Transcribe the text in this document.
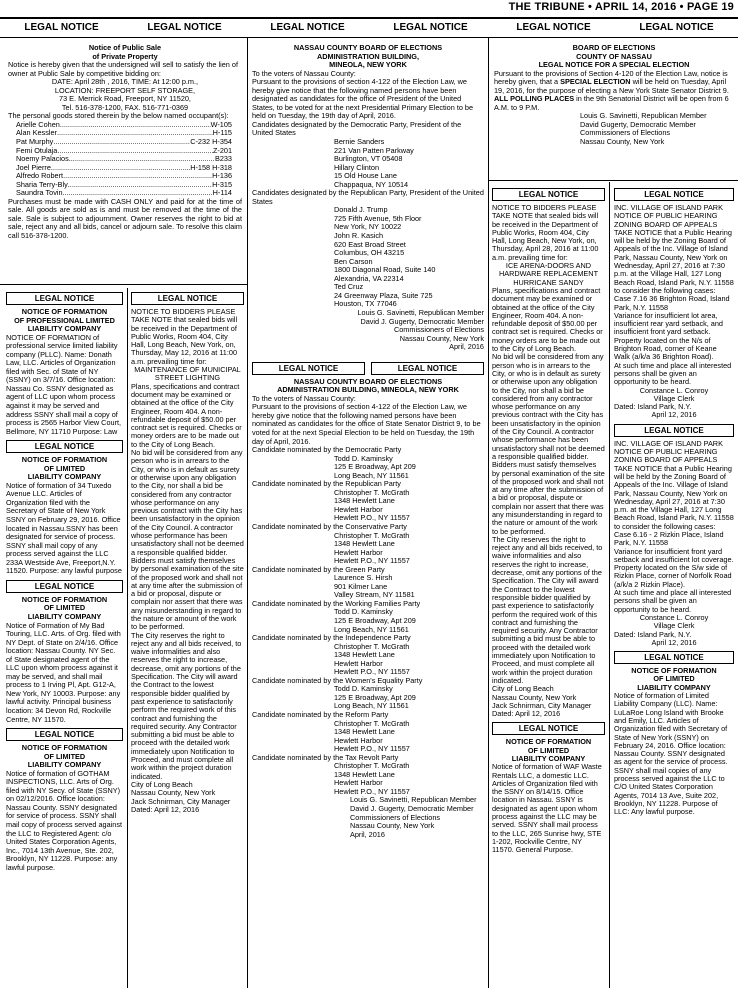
THE TRIBUNE • APRIL 14, 2016 • PAGE 19
LEGAL NOTICE	LEGAL NOTICE	LEGAL NOTICE	LEGAL NOTICE	LEGAL NOTICE	LEGAL NOTICE

Notice of Public Sale

of Private Property

Notice is hereby given that the undersigned will sell to satisfy the lien of owner at Public Sale by competitive bidding on:

DATE: April 28th , 2016, TIME: At 12:00 p.m.,

LOCATION: FREEPORT SELF STORAGE,

73 E. Merrick Road, Freeport, NY 11520,

Tel. 516-378-1200, FAX. 516-771-0369

The personal goods stored therein by the below named occupant(s):

Arielle Cohen .....	W-105
Alan Kessler .....	H-115
Pat Murphy .....	C-232 H-354
Femi Otulaja .....	Z-201
Noemy Palacios .....	B233
Joel Pierre .....	H-158 H-318
Alfredo Robert .....	H-136
Sharia Terry-Bly .....	H-315
Saundra Tovin .....	H-114

Purchases must be made with CASH ONLY and paid for at the time of sale. All goods are sold as is and must be removed at the time of the sale. Sale is subject to adjournment. Owner reserves the right to bid at sale, reject any and all bids, cancel or adjourn sale. To resolve this claim call 516-378-1200.

LEGAL NOTICE

NOTICE OF FORMATION

OF PROFESSIONAL LIMITED

LIABILITY COMPANY

NOTICE OF FORMATION of professional service limited liability company (PLLC). Name: Donath Law, LLC. Articles of Organization filed with Sec. of State of NY (SSNY) on 3/7/16. Office location: Nassau Co. SSNY designated as agent of LLC upon whom process against it may be served and address SSNY shall mail a copy of process is 2565 Harbor View Court, Bellmore, NY 11710 Purpose: Law

LEGAL NOTICE

NOTICE OF FORMATION

OF LIMITED

LIABILITY COMPANY

Notice of formation of 34 Tuxedo Avenue LLC. Articles of Organization filed with the Secretary of State of New York SSNY on February 29, 2016. Office located in Nassau.SSNY has been designated for service of process. SSNY shall mail copy of any process served against the LLC 233A Westside Ave, Freeport,N.Y. 11520. Purpose: any lawful purpose

LEGAL NOTICE

NOTICE OF FORMATION

OF LIMITED

LIABILITY COMPANY

Notice of Formation of My Bad Touring, LLC. Arts. of Org. filed with NY Dept. of State on 2/4/16. Office location: Nassau County. NY Sec. of State designated agent of the LLC upon whom process against it may be served, and shall mail process to 1 Irving Pl, Apt. G12-A, New York, NY 10003. Purpose: any lawful activity. Principal business location: 34 Devon Rd, Rockville Centre, NY 11570.

LEGAL NOTICE

NOTICE OF FORMATION

OF LIMITED

LIABILITY COMPANY

Notice of formation of GOTHAM INSPECTIONS, LLC. Arts of Org. filed with NY Secy. of State (SSNY) on 02/12/2016. Office location: Nassau County. SSNY designated for service of process. SSNY shall mail copy of process served against the LLC to Registered Agent: c/o United States Corporation Agents, Inc., 7014 13th Avenue, Ste. 202, Brooklyn, NY 11228. Purpose: any lawful purpose.

LEGAL NOTICE

NOTICE TO BIDDERS PLEASE TAKE NOTE that sealed bids will be received in the Department of Public Works, Room 404, City Hall, Long Beach, New York, on, Thursday, May 12, 2016 at 11:00 a.m. prevailing time for:

MAINTENANCE OF MUNICIPAL STREET LIGHTING

Plans, specifications and contract document may be examined or obtained at the office of the City Engineer, Room 404. A non-refundable deposit of $50.00 per contract set is required. Checks or money orders are to be made out to the City of Long Beach.
No bid will be considered from any person who is in arrears to the City, or who is in default as surety or otherwise upon any obligation to the City, nor shall a bid be considered from any contractor whose performance on any previous contract with the City has been unsatisfactory in the opinion of the City Council. A contractor whose performance has been unsatisfactory shall not be deemed a responsible qualified bidder.
Bidders must satisfy themselves by personal examination of the site of the proposed work and shall not at any time after the submission of a bid or proposal, dispute or complain nor assert that there was any misunderstanding in regard to the nature or amount of the work to be performed.
The City reserves the right to reject any and all bids received, to waive informalities and also reserves the right to increase, decrease, omit any portions of the Specification. The City will award the Contract to the lowest responsible bidder qualified by past experience to satisfactorily perform the required work of this contract and furnishing the required security. Any Contractor submitting a bid must be able to proceed with the detailed work immediately upon Notification to Proceed, and must complete all work within the project duration indicated.

City of Long Beach

Nassau County, New York

Jack Schnirman, City Manager

Dated: April 12, 2016

NASSAU COUNTY BOARD OF ELECTIONS

ADMINISTRATION BUILDING,

MINEOLA, NEW YORK

To the voters of Nassau County:

Pursuant to the provisions of section 4-122 of the Election Law, we hereby give notice that the following named persons have been designated as candidates for the office of President of the United States, to be voted for at the next Presidential Primary Election to be held on Tuesday, the 19th day of April, 2016.

Candidates designated by the Democratic Party, President of the United States

Bernie Sanders

221 Van Patten Parkway

Burlington, VT 05408

Hillary Clinton

15 Old House Lane

Chappaqua, NY 10514

Candidates designated by the Republican Party, President of the United States

Donald J. Trump

725 Fifth Avenue, 5th Floor

New York, NY 10022

John R. Kasich

620 East Broad Street

Columbus, OH 43215

Ben Carson

1800 Diagonal Road, Suite 140

Alexandria, VA 22314

Ted Cruz

24 Greenway Plaza, Suite 725

Houston, TX 77046

Louis G. Savinetti, Republican Member

David J. Gugerty, Democratic Member

Commissioners of Elections

Nassau County, New York

April, 2016

LEGAL NOTICE	LEGAL NOTICE

NASSAU COUNTY BOARD OF ELECTIONS

ADMINISTRATION BUILDING, MINEOLA, NEW YORK

To the voters of Nassau County:

Pursuant to the provisions of section 4-122 of the Election Law, we hereby give notice that the following named persons have been nominated as candidates for the office of State Senator District 9, to be voted for at the next Special Election to be held on Tuesday, the 19th day of April, 2016.

Candidate nominated by the Democratic Party

Todd D. Kaminsky

125 E Broadway, Apt 209

Long Beach, NY 11561

Candidate nominated by the Republican Party

Christopher T. McGrath

1348 Hewlett Lane

Hewlett Harbor

Hewlett P.O., NY 11557

Candidate nominated by the Conservative Party

Christopher T. McGrath

1348 Hewlett Lane

Hewlett Harbor

Hewlett P.O., NY 11557

Candidate nominated by the Green Party

Laurence S. Hirsh

901 Kilmer Lane

Valley Stream, NY 11581

Candidate nominated by the Working Families Party

Todd D. Kaminsky

125 E Broadway, Apt 209

Long Beach, NY 11561

Candidate nominated by the Independence Party

Christopher T. McGrath

1348 Hewlett Lane

Hewlett Harbor

Hewlett P.O., NY 11557

Candidate nominated by the Women's Equality Party

Todd D. Kaminsky

125 E Broadway, Apt 209

Long Beach, NY 11561

Candidate nominated by the Reform Party

Christopher T. McGrath

1348 Hewlett Lane

Hewlett Harbor

Hewlett P.O., NY 11557

Candidate nominated by the Tax Revolt Party

Christopher T. McGrath

1348 Hewlett Lane

Hewlett Harbor

Hewlett P.O., NY 11557

Louis G. Savinetti, Republican Member

David J. Gugerty, Democratic Member

Commissioners of Elections

Nassau County, New York

April, 2016

BOARD OF ELECTIONS

COUNTY OF NASSAU

LEGAL NOTICE FOR A SPECIAL ELECTION

Pursuant to the provisions of Section 4-120 of the Election Law, notice is hereby given, that a SPECIAL ELECTION will be held on Tuesday, April 19, 2016, for the purpose of electing a New York State Senator District 9.

ALL POLLING PLACES in the 9th Senatorial District will be open from 6 A.M. to 9 P.M.

Louis G. Savinetti, Republican Member

David Gugerty, Democratic Member

Commissioners of Elections

Nassau County, New York

LEGAL NOTICE

NOTICE TO BIDDERS PLEASE TAKE NOTE that sealed bids will be received in the Department of Public Works, Room 404, City Hall, Long Beach, New York, on, Thursday, April 28, 2016 at 11:00 a.m. prevailing time for:

ICE ARENA-DOORS AND

HARDWARE REPLACEMENT

HURRICANE SANDY

Plans, specifications and contract document may be examined or obtained at the office of the City Engineer, Room 404. A non-refundable deposit of $50.00 per contract set is required. Checks or money orders are to be made out to the City of Long Beach.
No bid will be considered from any person who is in arrears to the City, or who is in default as surety or otherwise upon any obligation to the City, nor shall a bid be considered from any contractor whose performance on any previous contract with the City has been unsatisfactory in the opinion of the City Council. A contractor whose performance has been unsatisfactory shall not be deemed a responsible qualified bidder.
Bidders must satisfy themselves by personal examination of the site of the proposed work and shall not at any time after the submission of a bid or proposal, dispute or complain nor assert that there was any misunderstanding in regard to the nature or amount of the work to be performed.
The City reserves the right to reject any and all bids received, to waive informalities and also reserves the right to increase, decrease, omit any portions of the Specification. The City will award the Contract to the lowest responsible bidder qualified by past experience to satisfactorily perform the required work of this contract and furnishing the required security. Any Contractor submitting a bid must be able to proceed with the detailed work immediately upon Notification to Proceed, and must complete all work within the project duration indicated.

City of Long Beach

Nassau County, New York

Jack Schnirman, City Manager

Dated: April 12, 2016

LEGAL NOTICE

NOTICE OF FORMATION

OF LIMITED

LIABILITY COMPANY

Notice of formation of WAF Waste Rentals LLC, a domestic LLC. Articles of Organization filed with the SSNY on 8/14/15. Office location in Nassau. SSNY is designated as agent upon whom process against the LLC may be served. SSNY shall mail process to the LLC, 265 Sunrise hwy, STE 1-202, Rockville Centre, NY 11570. General Purpose.

LEGAL NOTICE

INC. VILLAGE OF ISLAND PARK NOTICE OF PUBLIC HEARING ZONING BOARD OF APPEALS TAKE NOTICE that a Public Hearing will be held by the Zoning Board of Appeals of the Inc. Village of Island Park, Nassau County, New York on Wednesday, April 27, 2016 at 7:30 p.m. at the Village Hall, 127 Long Beach Road, Island Park, N.Y. 11558 to consider the following cases: Case 7.16 36 Brighton Road, Island Park, N.Y. 11558
Variance for insufficient lot area, insufficient rear yard setback, and insufficient front yard setback. Property located on the N/s of Brighton Road, corner of Keane Walk (a/k/a 36 Brighton Road).
At such time and place all interested persons shall be given an opportunity to be heard.

Constance L. Conroy

Village Clerk

Dated: Island Park, N.Y.

April 12, 2016

LEGAL NOTICE

INC. VILLAGE OF ISLAND PARK NOTICE OF PUBLIC HEARING ZONING BOARD OF APPEALS TAKE NOTICE that a Public Hearing will be held by the Zoning Board of Appeals of the Inc. Village of Island Park, Nassau County, New York on Wednesday, April 27, 2016 at 7:30 p.m. at the Village Hall, 127 Long Beach Road, Island Park, N.Y. 11558 to consider the following cases: Case 6.16 - 2 Rizkin Place, Island Park, N.Y. 11558
Variance for insufficient front yard setback and insufficient lot coverage. Property located on the S/w side of Rizkin Place, corner of Norfolk Road (a/k/a 2 Rizkin Place).
At such time and place all interested persons shall be given an opportunity to be heard.

Constance L. Conroy

Village Clerk

Dated: Island Park, N.Y.

April 12, 2016

LEGAL NOTICE

NOTICE OF FORMATION

OF LIMITED

LIABILITY COMPANY

Notice of formation of Limited Liability Company (LLC). Name: LuLaRoe Long Island with Brooke and Emily, LLC. Articles of Organization filed with Secretary of State of New York (SSNY) on February 24, 2016. Office location: Nassau County. SSNY designated as agent for the service of process. SSNY shall mail copies of any process served against the LLC to C/O United States Corporation Agents, 7014 13 Ave, Suite 202, Brooklyn, NY 11228. Purpose of LLC: Any lawful purpose.
